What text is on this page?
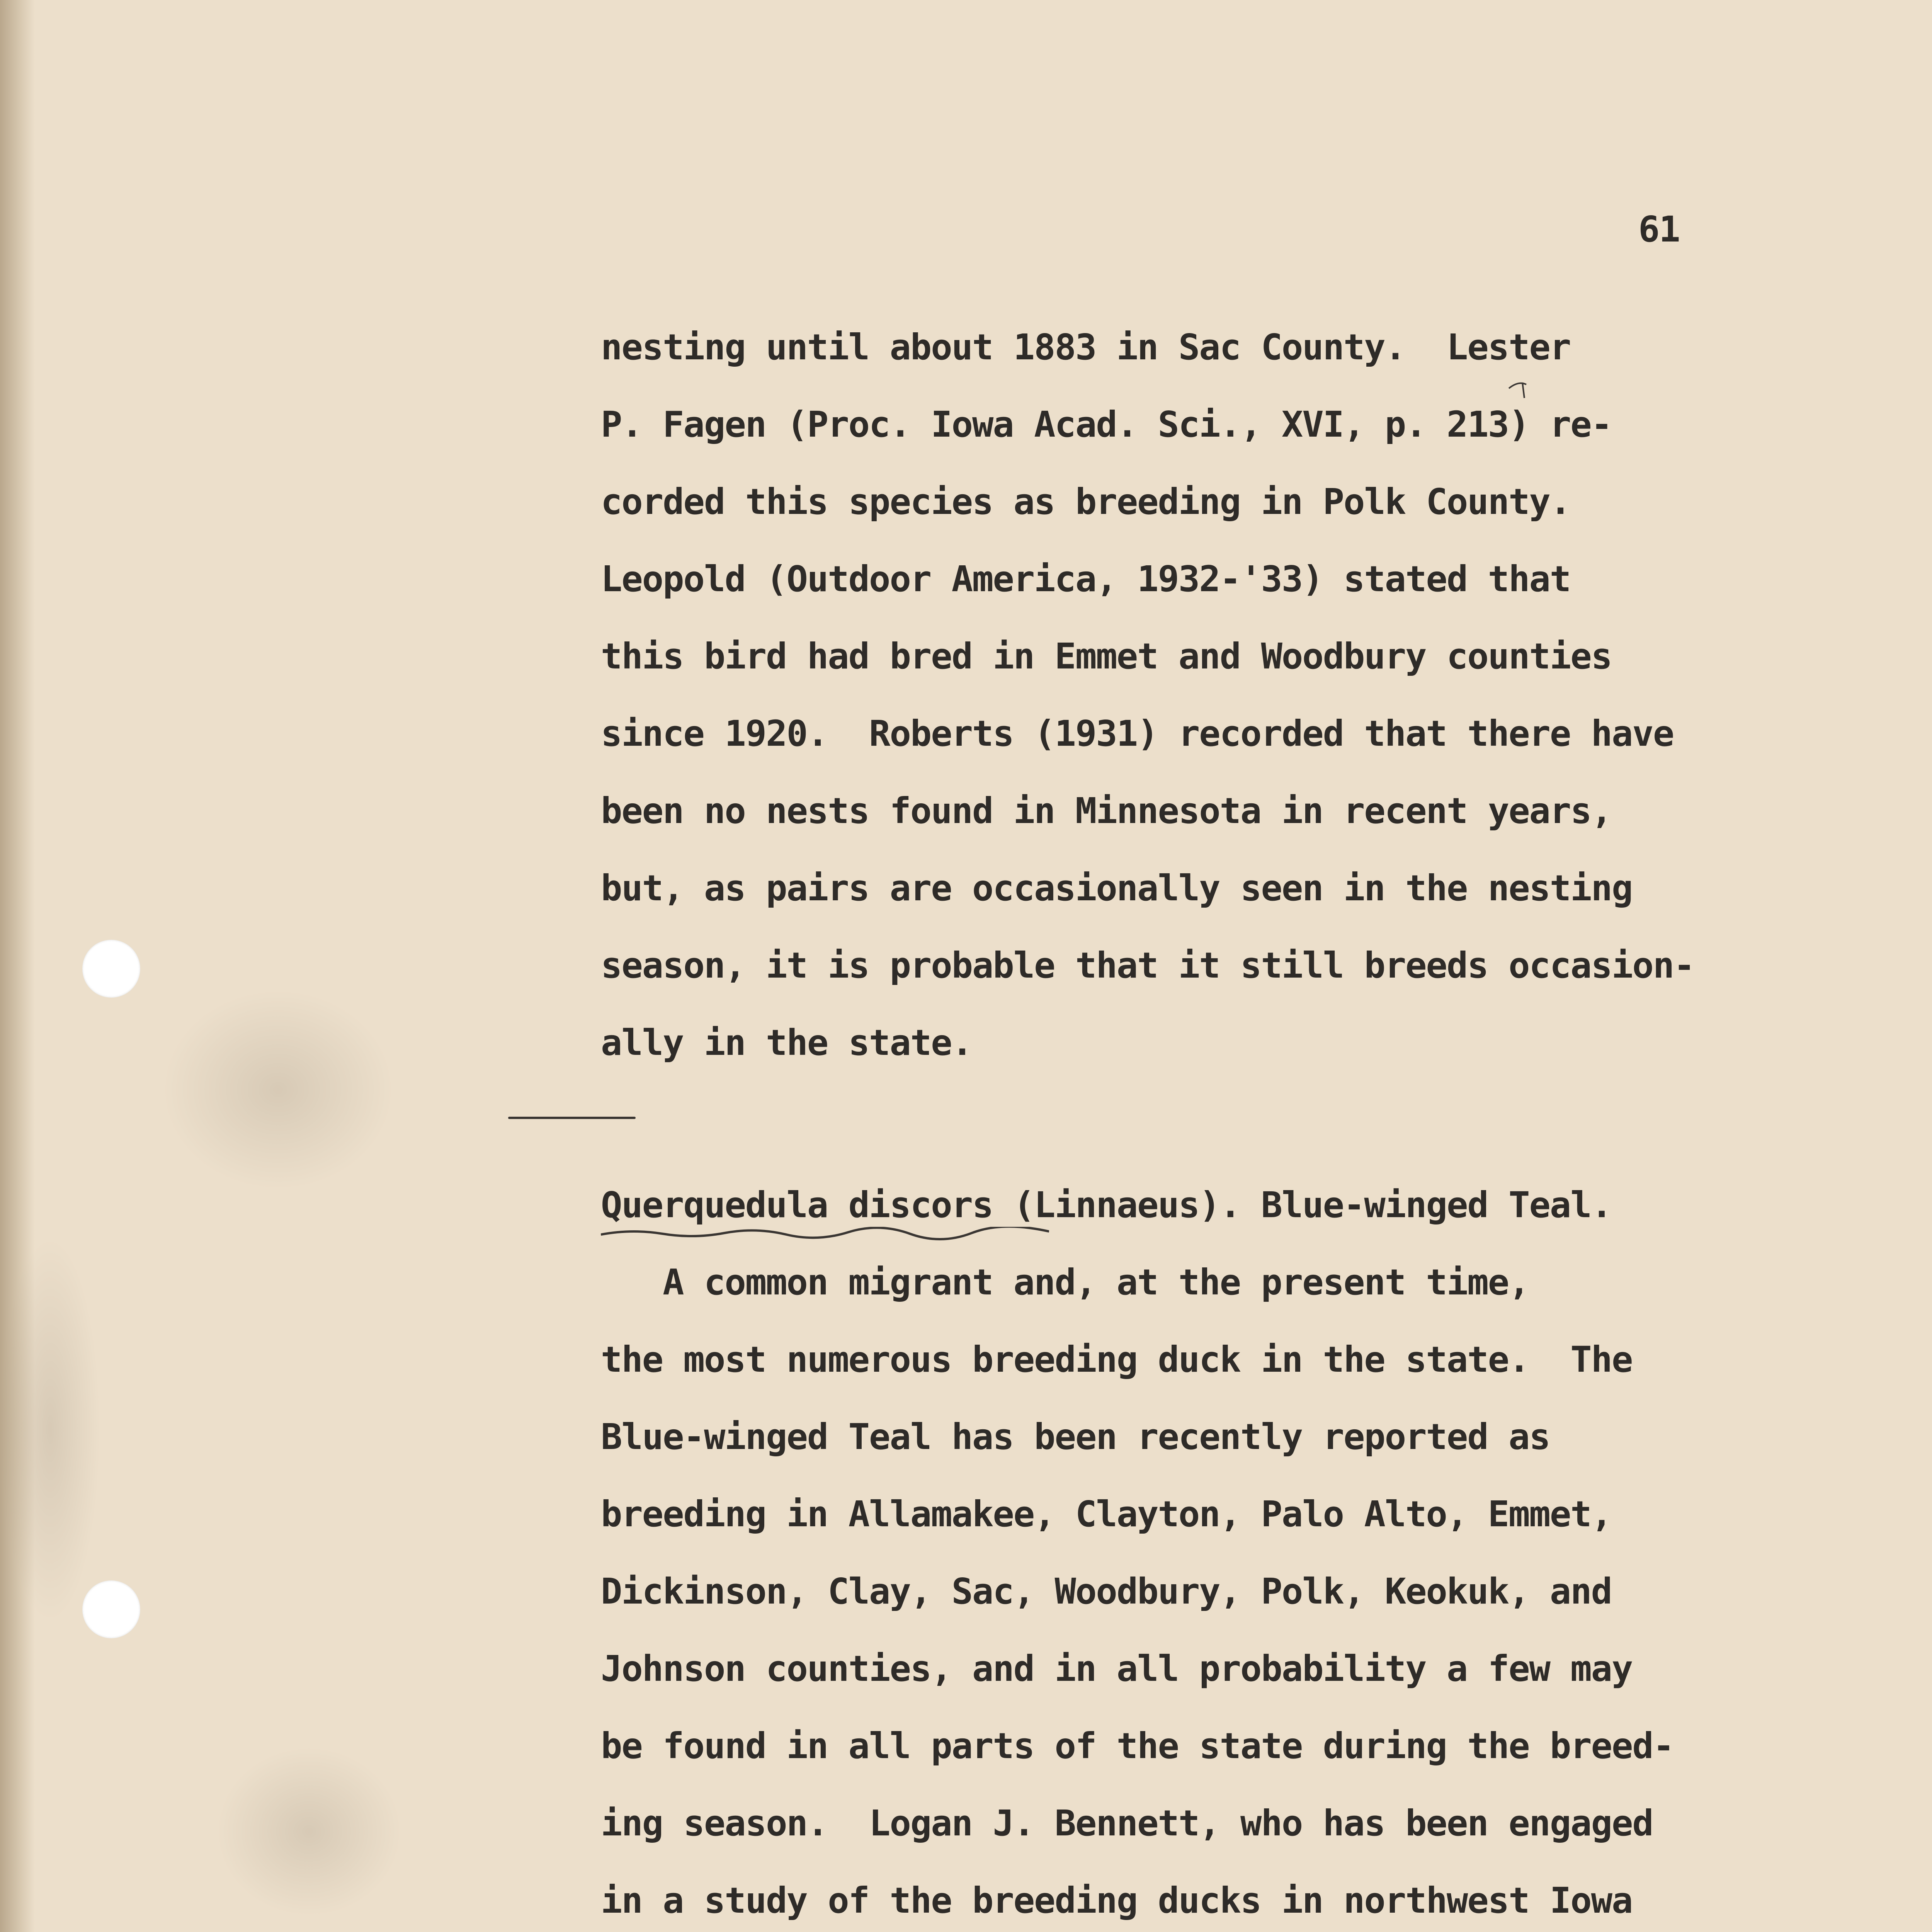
61
nesting until about 1883 in Sac County.  Lester
P. Fagen (Proc. Iowa Acad. Sci., XVI, p. 213) re-
corded this species as breeding in Polk County.
Leopold (Outdoor America, 1932-'33) stated that
this bird had bred in Emmet and Woodbury counties
since 1920.  Roberts (1931) recorded that there have
been no nests found in Minnesota in recent years,
but, as pairs are occasionally seen in the nesting
season, it is probable that it still breeds occasion-
ally in the state.
Querquedula discors (Linnaeus). Blue-winged Teal.
A common migrant and, at the present time,
the most numerous breeding duck in the state.  The
Blue-winged Teal has been recently reported as
breeding in Allamakee, Clayton, Palo Alto, Emmet,
Dickinson, Clay, Sac, Woodbury, Polk, Keokuk, and
Johnson counties, and in all probability a few may
be found in all parts of the state during the breed-
ing season.  Logan J. Bennett, who has been engaged
in a study of the breeding ducks in northwest Iowa
